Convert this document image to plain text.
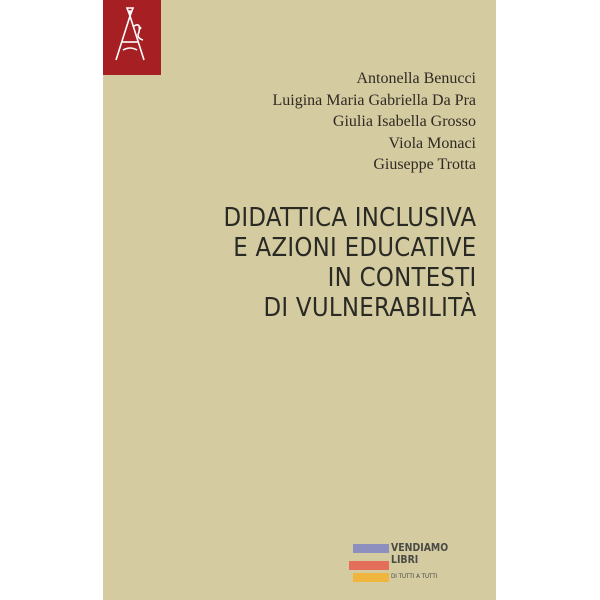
Antonella Benucci
Luigina Maria Gabriella Da Pra
Giulia Isabella Grosso
Viola Monaci
Giuseppe Trotta
DIDATTICA INCLUSIVA
E AZIONI EDUCATIVE
IN CONTESTI
DI VULNERABILITÀ
VENDIAMO
LIBRI
DI TUTTI A TUTTI
